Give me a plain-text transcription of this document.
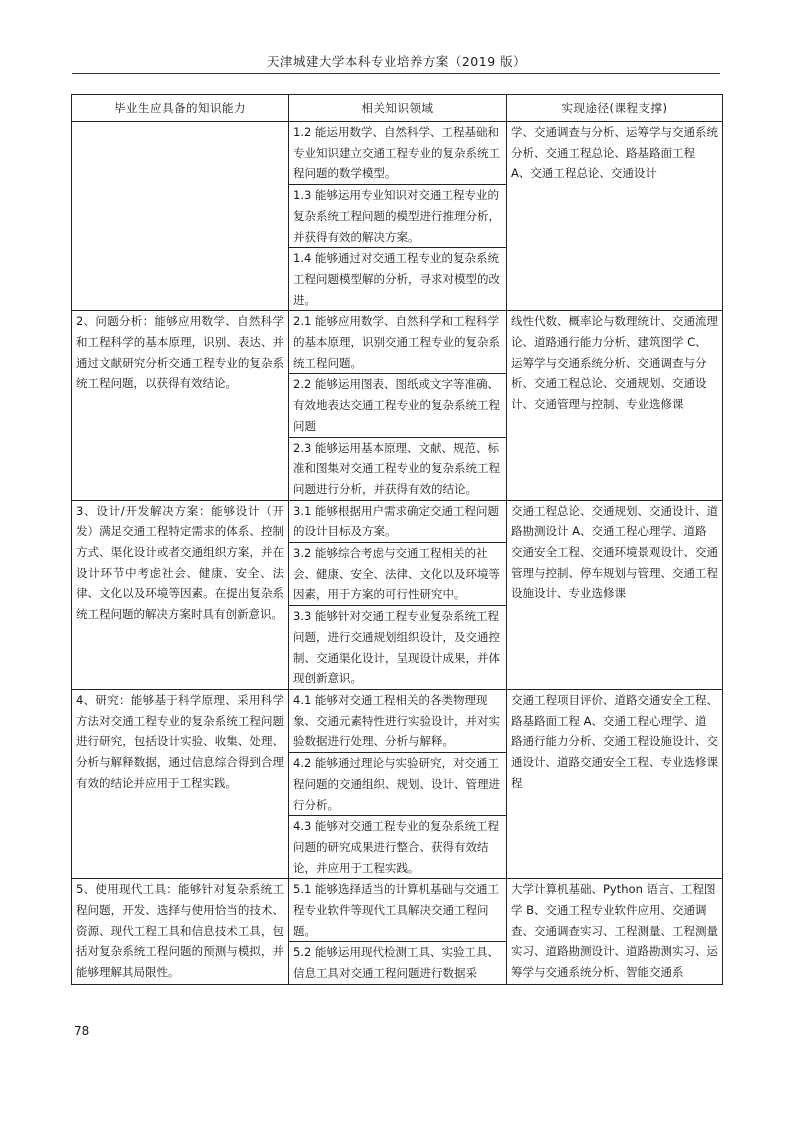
天津城建大学本科专业培养方案（2019 版）
毕业生应具备的知识能力	相关知识领域	实现途径(课程支撑)
	1.2 能运用数学、自然科学、工程基础和专业知识建立交通工程专业的复杂系统工程问题的数学模型。	学、交通调查与分析、运筹学与交通系统分析、交通工程总论、路基路面工程 A、交通工程总论、交通设计
	1.3 能够运用专业知识对交通工程专业的复杂系统工程问题的模型进行推理分析，并获得有效的解决方案。	
	1.4 能够通过对交通工程专业的复杂系统工程问题模型解的分析，寻求对模型的改进。	
2、问题分析：能够应用数学、自然科学和工程科学的基本原理，识别、表达、并通过文献研究分析交通工程专业的复杂系统工程问题，以获得有效结论。	2.1 能够应用数学、自然科学和工程科学的基本原理，识别交通工程专业的复杂系统工程问题。	线性代数、概率论与数理统计、交通流理论、道路通行能力分析、建筑图学 C、运筹学与交通系统分析、交通调查与分析、交通工程总论、交通规划、交通设计、交通管理与控制、专业选修课
	2.2 能够运用图表、图纸或文字等准确、有效地表达交通工程专业的复杂系统工程问题	
	2.3 能够运用基本原理、文献、规范、标准和图集对交通工程专业的复杂系统工程问题进行分析，并获得有效的结论。	
3、设计/开发解决方案：能够设计（开发）满足交通工程特定需求的体系、控制方式、渠化设计或者交通组织方案，并在设计环节中考虑社会、健康、安全、法律、文化以及环境等因素。在提出复杂系统工程问题的解决方案时具有创新意识。	3.1 能够根据用户需求确定交通工程问题的设计目标及方案。	交通工程总论、交通规划、交通设计、道路勘测设计 A、交通工程心理学、道路交通安全工程、交通环境景观设计、交通管理与控制、停车规划与管理、交通工程设施设计、专业选修课
	3.2 能够综合考虑与交通工程相关的社会、健康、安全、法律、文化以及环境等因素，用于方案的可行性研究中。	
	3.3 能够针对交通工程专业复杂系统工程问题，进行交通规划组织设计，及交通控制、交通渠化设计，呈现设计成果，并体现创新意识。	
4、研究：能够基于科学原理、采用科学方法对交通工程专业的复杂系统工程问题进行研究，包括设计实验、收集、处理、分析与解释数据，通过信息综合得到合理有效的结论并应用于工程实践。	4.1 能够对交通工程相关的各类物理现象、交通元素特性进行实验设计，并对实验数据进行处理、分析与解释。	交通工程项目评价、道路交通安全工程、路基路面工程 A、交通工程心理学、道路通行能力分析、交通工程设施设计、交通设计、道路交通安全工程、专业选修课程
	4.2 能够通过理论与实验研究，对交通工程问题的交通组织、规划、设计、管理进行分析。	
	4.3 能够对交通工程专业的复杂系统工程问题的研究成果进行整合、获得有效结论，并应用于工程实践。	
5、使用现代工具：能够针对复杂系统工程问题，开发、选择与使用恰当的技术、资源、现代工程工具和信息技术工具，包括对复杂系统工程问题的预测与模拟，并能够理解其局限性。	5.1 能够选择适当的计算机基础与交通工程专业软件等现代工具解决交通工程问题。	大学计算机基础、Python 语言、工程图学 B、交通工程专业软件应用、交通调查、交通调查实习、工程测量、工程测量实习、道路勘测设计、道路勘测实习、运筹学与交通系统分析、智能交通系
	5.2 能够运用现代检测工具、实验工具、信息工具对交通工程问题进行数据采	
78
